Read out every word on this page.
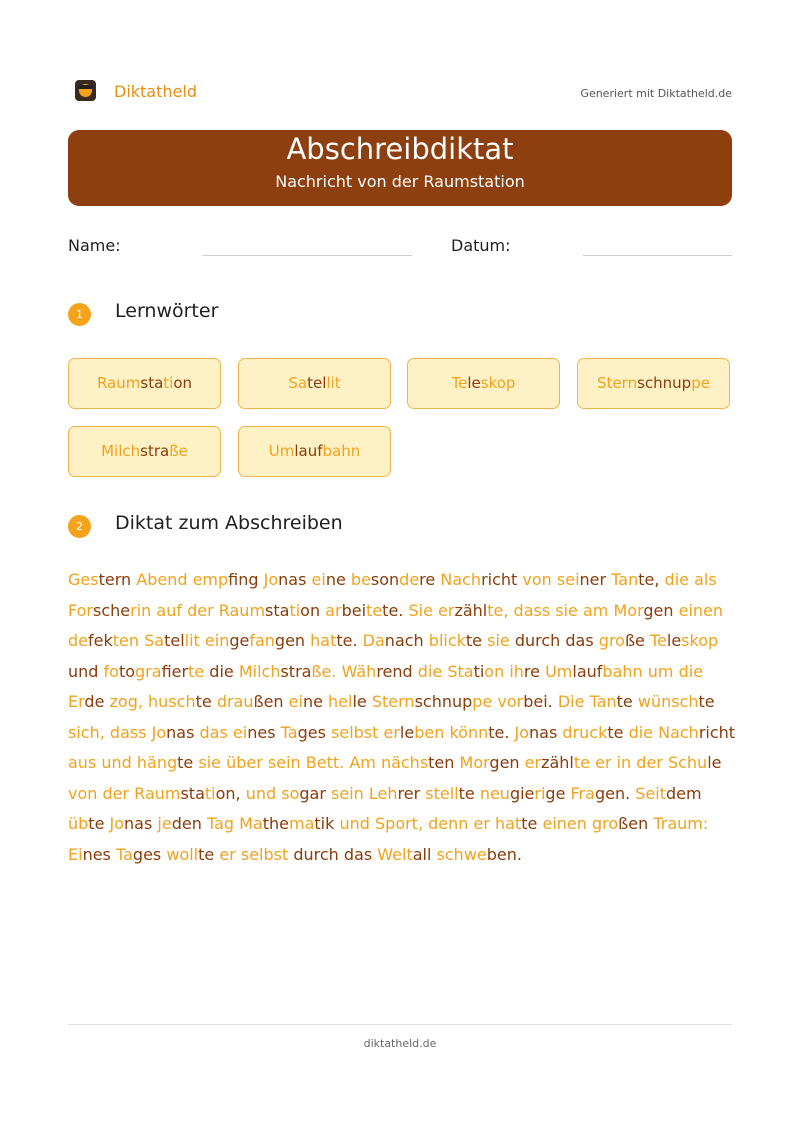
Diktatheld	Generiert mit Diktatheld.de
Abschreibdiktat
Nachricht von der Raumstation
Name:	Datum:
1	Lernwörter
Raumstation	Satellit	Teleskop	Sternschnuppe
Milchstraße	Umlaufbahn
2	Diktat zum Abschreiben
Gestern Abend empfing Jonas eine besondere Nachricht von seiner Tante, die als Forscherin auf der Raumstation arbeitete. Sie erzählte, dass sie am Morgen einen defekten Satellit eingefangen hatte. Danach blickte sie durch das große Teleskop und fotografierte die Milchstraße. Während die Station ihre Umlaufbahn um die Erde zog, huschte draußen eine helle Sternschnuppe vorbei. Die Tante wünschte sich, dass Jonas das eines Tages selbst erleben könnte. Jonas druckte die Nachricht aus und hängte sie über sein Bett. Am nächsten Morgen erzählte er in der Schule von der Raumstation, und sogar sein Lehrer stellte neugierige Fragen. Seitdem übte Jonas jeden Tag Mathematik und Sport, denn er hatte einen großen Traum: Eines Tages wollte er selbst durch das Weltall schweben.
diktatheld.de
